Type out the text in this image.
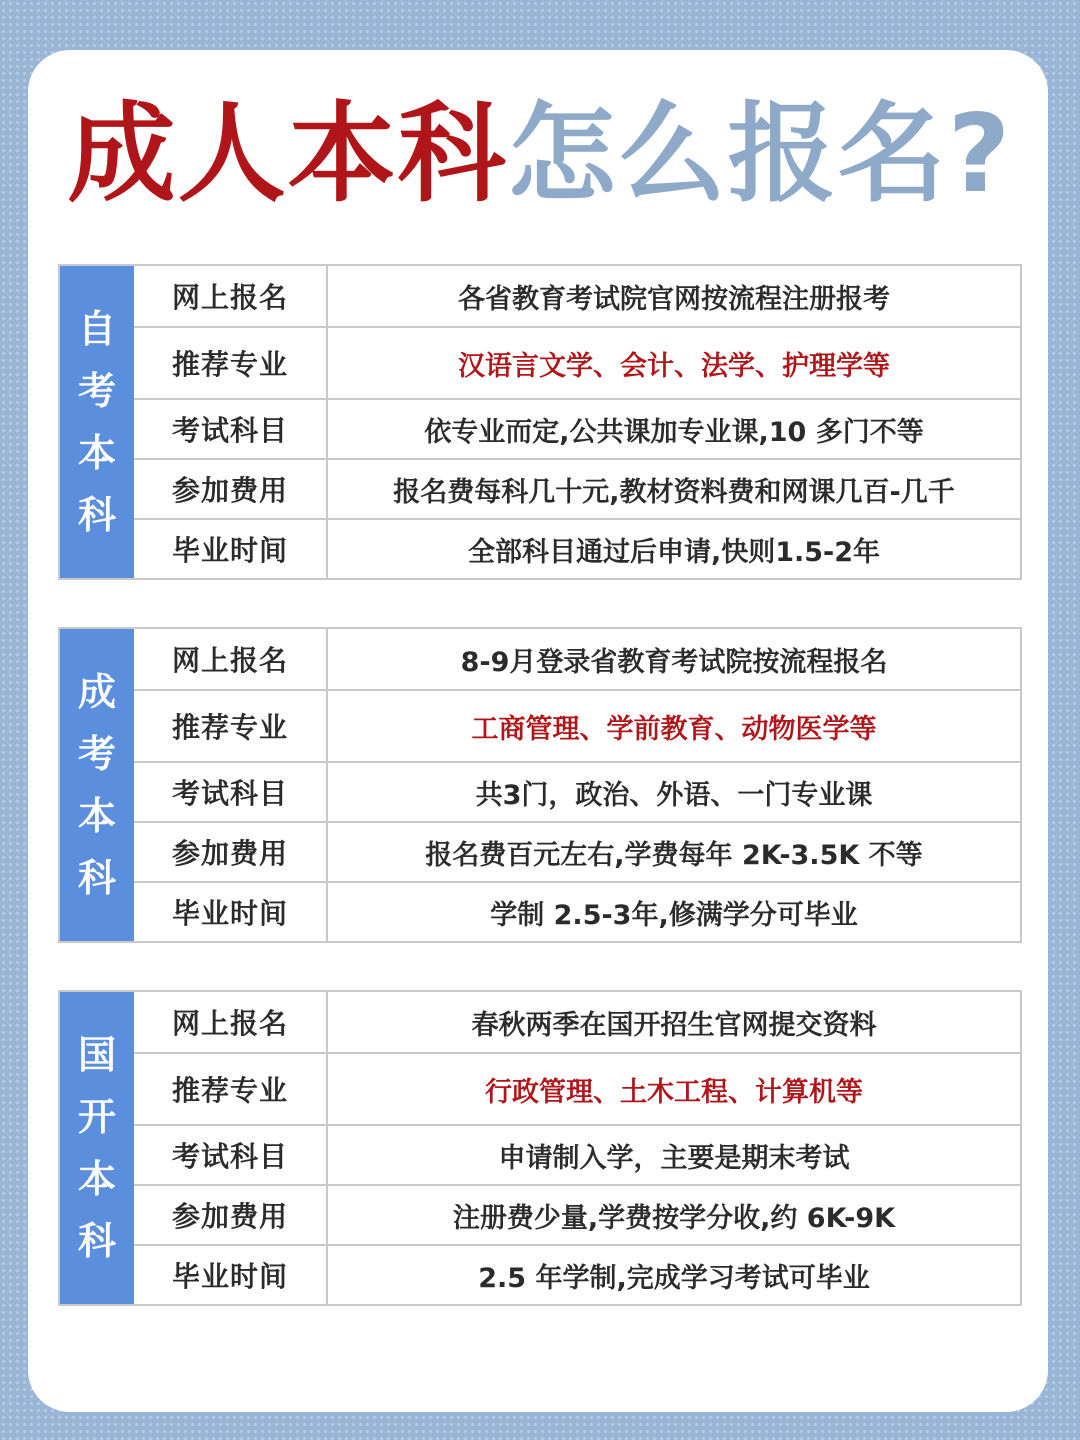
成人本科怎么报名?
自
考
本
科
网上报名	各省教育考试院官网按流程注册报考
推荐专业	汉语言文学、会计、法学、护理学等
考试科目	依专业而定,公共课加专业课,10 多门不等
参加费用	报名费每科几十元,教材资料费和网课几百-几千
毕业时间	全部科目通过后申请,快则1.5-2年
成
考
本
科
网上报名	8-9月登录省教育考试院按流程报名
推荐专业	工商管理、学前教育、动物医学等
考试科目	共3门，政治、外语、一门专业课
参加费用	报名费百元左右,学费每年 2K-3.5K 不等
毕业时间	学制 2.5-3年,修满学分可毕业
国
开
本
科
网上报名	春秋两季在国开招生官网提交资料
推荐专业	行政管理、土木工程、计算机等
考试科目	申请制入学，主要是期末考试
参加费用	注册费少量,学费按学分收,约 6K-9K
毕业时间	2.5 年学制,完成学习考试可毕业
